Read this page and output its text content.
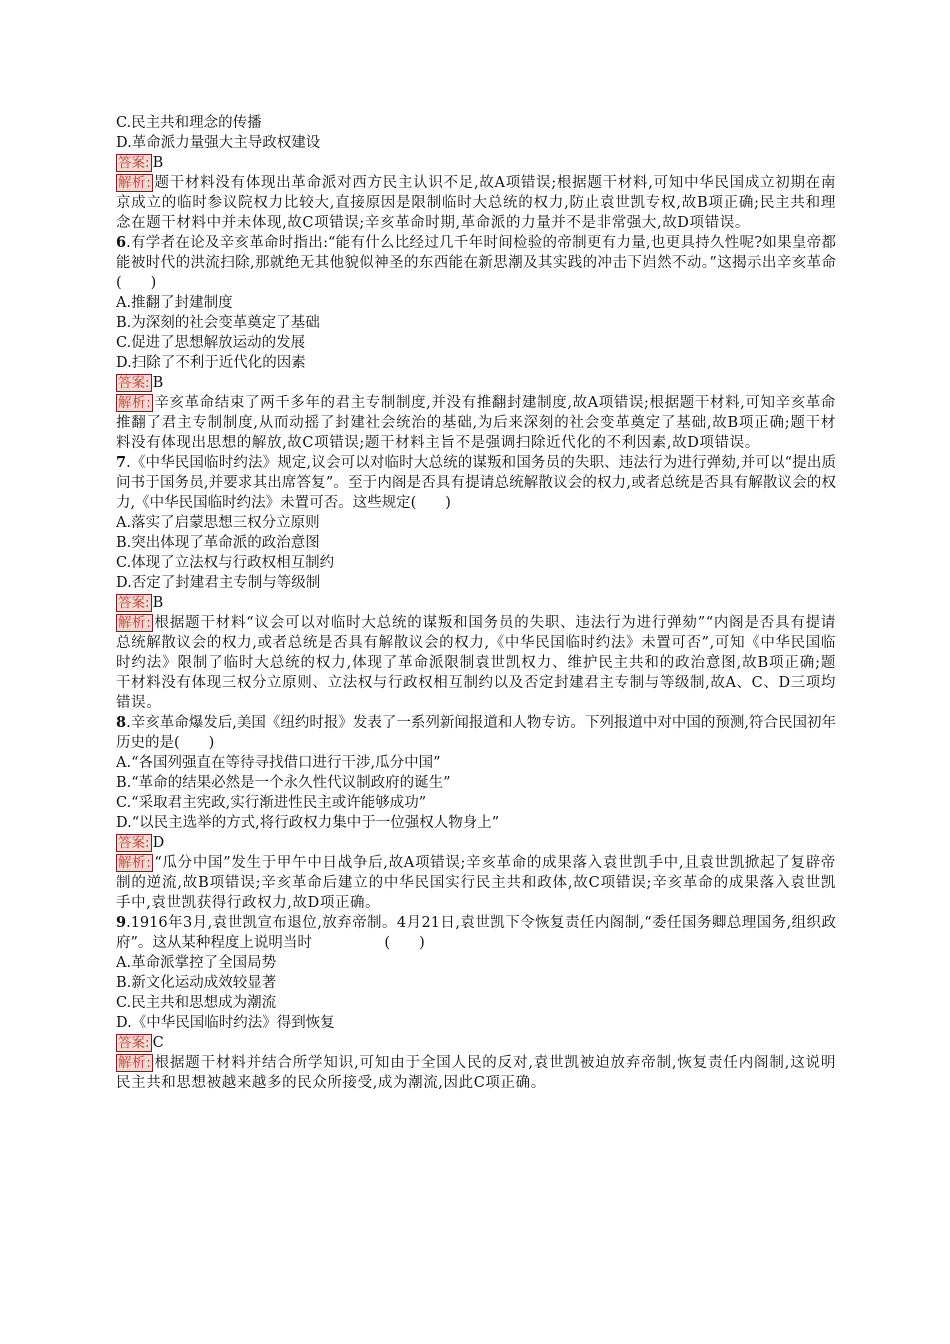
C.民主共和理念的传播
D.革命派力量强大主导政权建设
答案: B
解析: 题干材料没有体现出革命派对西方民主认识不足,故A项错误;根据题干材料,可知中华民国成立初期在南京成立的临时参议院权力比较大,直接原因是限制临时大总统的权力,防止袁世凯专权,故B项正确;民主共和理念在题干材料中并未体现,故C项错误;辛亥革命时期,革命派的力量并不是非常强大,故D项错误。
6.有学者在论及辛亥革命时指出:“能有什么比经过几千年时间检验的帝制更有力量,也更具持久性呢?如果皇帝都能被时代的洪流扫除,那就绝无其他貌似神圣的东西能在新思潮及其实践的冲击下岿然不动。”这揭示出辛亥革命(　　)
A.推翻了封建制度
B.为深刻的社会变革奠定了基础
C.促进了思想解放运动的发展
D.扫除了不利于近代化的因素
答案: B
解析: 辛亥革命结束了两千多年的君主专制制度,并没有推翻封建制度,故A项错误;根据题干材料,可知辛亥革命推翻了君主专制制度,从而动摇了封建社会统治的基础,为后来深刻的社会变革奠定了基础,故B项正确;题干材料没有体现出思想的解放,故C项错误;题干材料主旨不是强调扫除近代化的不利因素,故D项错误。
7.《中华民国临时约法》规定,议会可以对临时大总统的谋叛和国务员的失职、违法行为进行弹劾,并可以“提出质问书于国务员,并要求其出席答复”。至于内阁是否具有提请总统解散议会的权力,或者总统是否具有解散议会的权力,《中华民国临时约法》未置可否。这些规定(　　)
A.落实了启蒙思想三权分立原则
B.突出体现了革命派的政治意图
C.体现了立法权与行政权相互制约
D.否定了封建君主专制与等级制
答案: B
解析: 根据题干材料“议会可以对临时大总统的谋叛和国务员的失职、违法行为进行弹劾”“内阁是否具有提请总统解散议会的权力,或者总统是否具有解散议会的权力,《中华民国临时约法》未置可否”,可知《中华民国临时约法》限制了临时大总统的权力,体现了革命派限制袁世凯权力、维护民主共和的政治意图,故B项正确;题干材料没有体现三权分立原则、立法权与行政权相互制约以及否定封建君主专制与等级制,故A、C、D三项均错误。
8.辛亥革命爆发后,美国《纽约时报》发表了一系列新闻报道和人物专访。下列报道中对中国的预测,符合民国初年历史的是(　　)
A.“各国列强直在等待寻找借口进行干涉,瓜分中国”
B.“革命的结果必然是一个永久性代议制政府的诞生”
C.“采取君主宪政,实行渐进性民主或许能够成功”
D.“以民主选举的方式,将行政权力集中于一位强权人物身上”
答案: D
解析: “瓜分中国”发生于甲午中日战争后,故A项错误;辛亥革命的成果落入袁世凯手中,且袁世凯掀起了复辟帝制的逆流,故B项错误;辛亥革命后建立的中华民国实行民主共和政体,故C项错误;辛亥革命的成果落入袁世凯手中,袁世凯获得行政权力,故D项正确。
9.1916年3月,袁世凯宣布退位,放弃帝制。4月21日,袁世凯下令恢复责任内阁制,“委任国务卿总理国务,组织政府”。这从某种程度上说明当时　　　　　(　　)
A.革命派掌控了全国局势
B.新文化运动成效较显著
C.民主共和思想成为潮流
D.《中华民国临时约法》得到恢复
答案: C
解析: 根据题干材料并结合所学知识,可知由于全国人民的反对,袁世凯被迫放弃帝制,恢复责任内阁制,这说明民主共和思想被越来越多的民众所接受,成为潮流,因此C项正确。
